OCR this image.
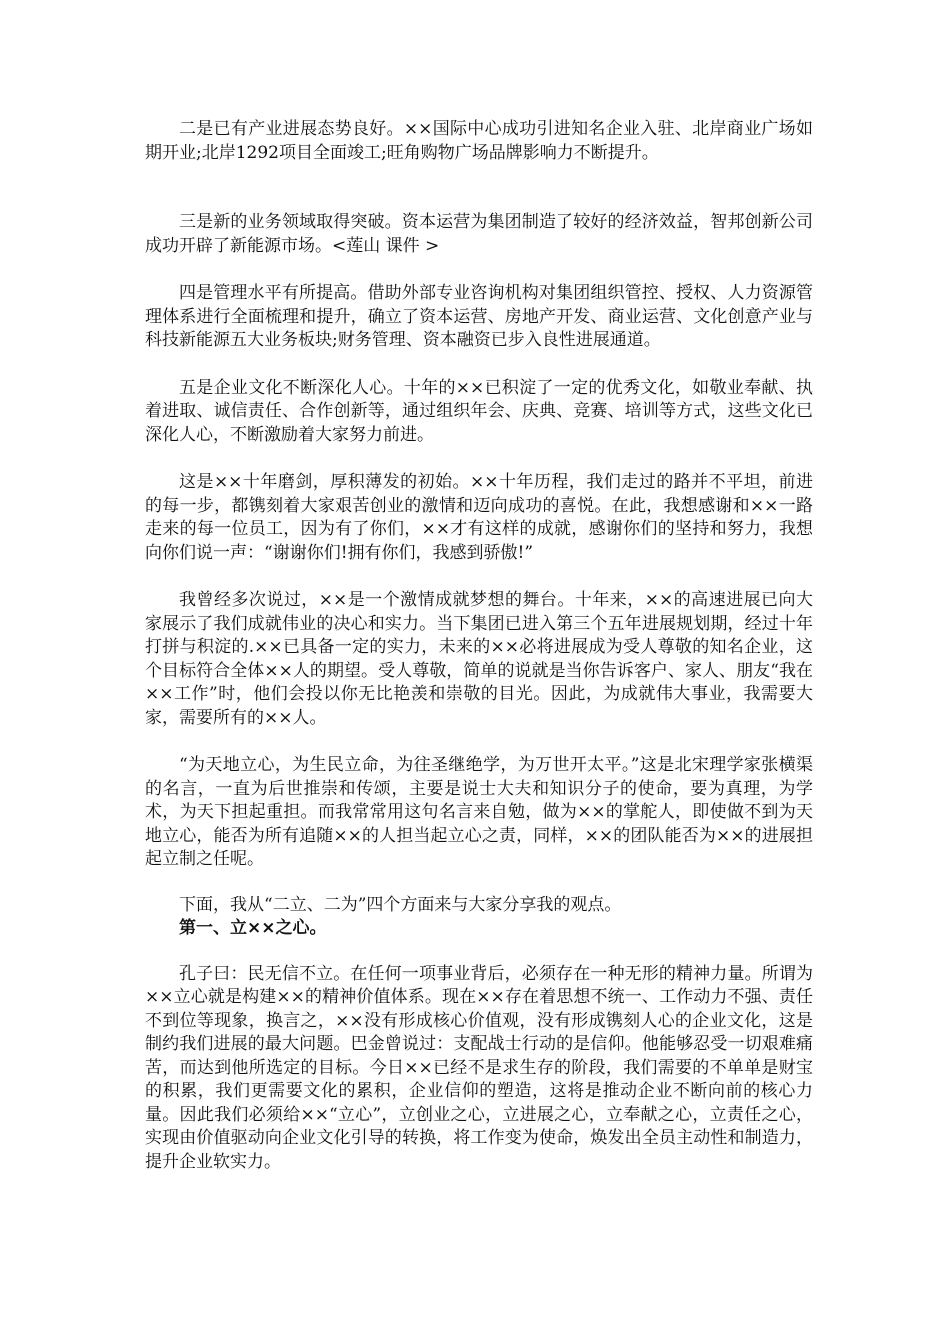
二是已有产业进展态势良好。××国际中心成功引进知名企业入驻、北岸商业广场如期开业;北岸1292项目全面竣工;旺角购物广场品牌影响力不断提升。

三是新的业务领域取得突破。资本运营为集团制造了较好的经济效益，智邦创新公司成功开辟了新能源市场。<莲山 课件 >

四是管理水平有所提高。借助外部专业咨询机构对集团组织管控、授权、人力资源管理体系进行全面梳理和提升，确立了资本运营、房地产开发、商业运营、文化创意产业与科技新能源五大业务板块;财务管理、资本融资已步入良性进展通道。

五是企业文化不断深化人心。十年的××已积淀了一定的优秀文化，如敬业奉献、执着进取、诚信责任、合作创新等，通过组织年会、庆典、竞赛、培训等方式，这些文化已深化人心，不断激励着大家努力前进。

这是××十年磨剑，厚积薄发的初始。××十年历程，我们走过的路并不平坦，前进的每一步，都镌刻着大家艰苦创业的激情和迈向成功的喜悦。在此，我想感谢和××一路走来的每一位员工，因为有了你们，××才有这样的成就，感谢你们的坚持和努力，我想向你们说一声：“谢谢你们!拥有你们，我感到骄傲!”

我曾经多次说过，××是一个激情成就梦想的舞台。十年来，××的高速进展已向大家展示了我们成就伟业的决心和实力。当下集团已进入第三个五年进展规划期，经过十年打拼与积淀的.××已具备一定的实力，未来的××必将进展成为受人尊敬的知名企业，这个目标符合全体××人的期望。受人尊敬，简单的说就是当你告诉客户、家人、朋友“我在××工作”时，他们会投以你无比艳羡和崇敬的目光。因此，为成就伟大事业，我需要大家，需要所有的××人。

“为天地立心，为生民立命，为往圣继绝学，为万世开太平。”这是北宋理学家张横渠的名言，一直为后世推崇和传颂，主要是说士大夫和知识分子的使命，要为真理，为学术，为天下担起重担。而我常常用这句名言来自勉，做为××的掌舵人，即使做不到为天地立心，能否为所有追随××的人担当起立心之责，同样，××的团队能否为××的进展担起立制之任呢。

下面，我从“二立、二为”四个方面来与大家分享我的观点。

第一、立××之心。

孔子曰：民无信不立。在任何一项事业背后，必须存在一种无形的精神力量。所谓为××立心就是构建××的精神价值体系。现在××存在着思想不统一、工作动力不强、责任不到位等现象，换言之，××没有形成核心价值观，没有形成镌刻人心的企业文化，这是制约我们进展的最大问题。巴金曾说过：支配战士行动的是信仰。他能够忍受一切艰难痛苦，而达到他所选定的目标。今日××已经不是求生存的阶段，我们需要的不单单是财宝的积累，我们更需要文化的累积，企业信仰的塑造，这将是推动企业不断向前的核心力量。因此我们必须给××“立心”，立创业之心，立进展之心，立奉献之心，立责任之心，实现由价值驱动向企业文化引导的转换，将工作变为使命，焕发出全员主动性和制造力，提升企业软实力。
